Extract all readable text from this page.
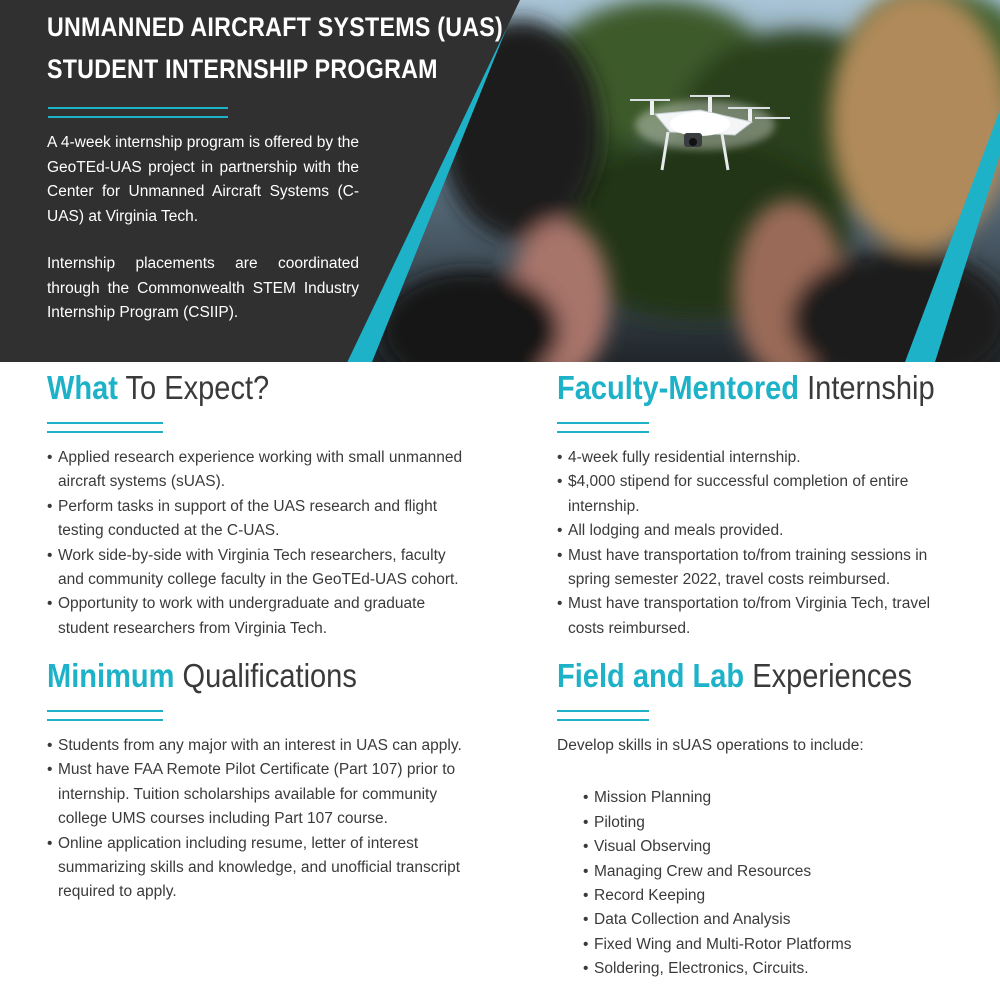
UNMANNED AIRCRAFT SYSTEMS (UAS)
STUDENT INTERNSHIP PROGRAM

A 4-week internship program is offered by the GeoTEd-UAS project in partnership with the Center for Unmanned Aircraft Systems (C-UAS) at Virginia Tech.

Internship placements are coordinated through the Commonwealth STEM Industry Internship Program (CSIIP).

What To Expect?
• Applied research experience working with small unmanned aircraft systems (sUAS).
• Perform tasks in support of the UAS research and flight testing conducted at the C-UAS.
• Work side-by-side with Virginia Tech researchers, faculty and community college faculty in the GeoTEd-UAS cohort.
• Opportunity to work with undergraduate and graduate student researchers from Virginia Tech.
Faculty-Mentored Internship
• 4-week fully residential internship.
• $4,000 stipend for successful completion of entire internship.
• All lodging and meals provided.
• Must have transportation to/from training sessions in spring semester 2022, travel costs reimbursed.
• Must have transportation to/from Virginia Tech, travel costs reimbursed.
Minimum Qualifications
• Students from any major with an interest in UAS can apply.
• Must have FAA Remote Pilot Certificate (Part 107) prior to internship. Tuition scholarships available for community college UMS courses including Part 107 course.
• Online application including resume, letter of interest summarizing skills and knowledge, and unofficial transcript required to apply.
Field and Lab Experiences

Develop skills in sUAS operations to include:

• Mission Planning
• Piloting
• Visual Observing
• Managing Crew and Resources
• Record Keeping
• Data Collection and Analysis
• Fixed Wing and Multi-Rotor Platforms
• Soldering, Electronics, Circuits.
